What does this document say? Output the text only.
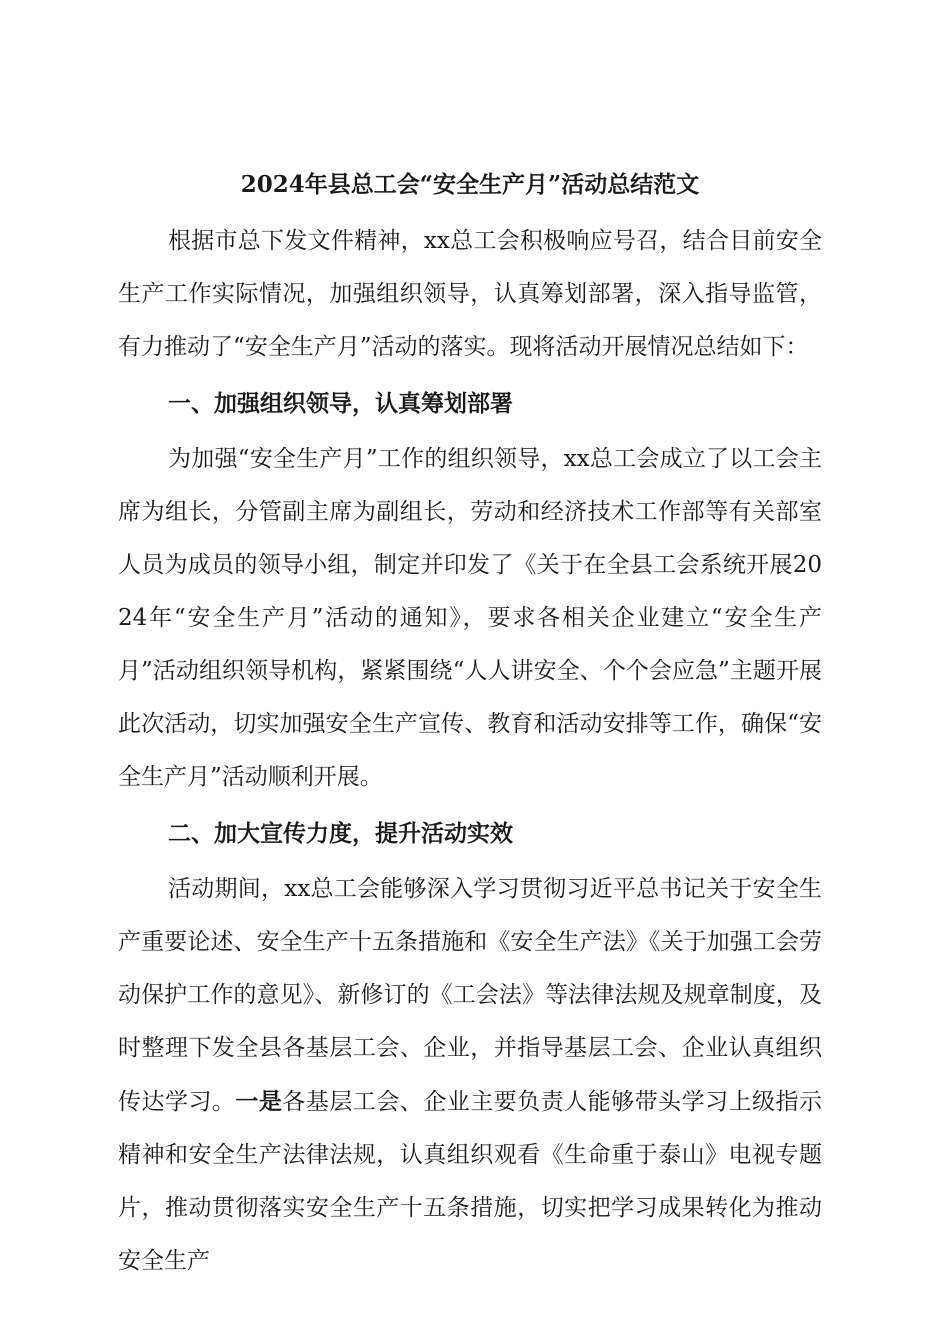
2024年县总工会“安全生产月”活动总结范文

根据市总下发文件精神，xx总工会积极响应号召，结合目前安全生产工作实际情况，加强组织领导，认真筹划部署，深入指导监管，有力推动了“安全生产月”活动的落实。现将活动开展情况总结如下：

一、加强组织领导，认真筹划部署

为加强“安全生产月”工作的组织领导，xx总工会成立了以工会主席为组长，分管副主席为副组长，劳动和经济技术工作部等有关部室人员为成员的领导小组，制定并印发了《关于在全县工会系统开展2024年“安全生产月”活动的通知》，要求各相关企业建立“安全生产月”活动组织领导机构，紧紧围绕“人人讲安全、个个会应急”主题开展此次活动，切实加强安全生产宣传、教育和活动安排等工作，确保“安全生产月”活动顺利开展。

二、加大宣传力度，提升活动实效

活动期间，xx总工会能够深入学习贯彻习近平总书记关于安全生产重要论述、安全生产十五条措施和《安全生产法》《关于加强工会劳动保护工作的意见》、新修订的《工会法》等法律法规及规章制度，及时整理下发全县各基层工会、企业，并指导基层工会、企业认真组织传达学习。一是各基层工会、企业主要负责人能够带头学习上级指示精神和安全生产法律法规，认真组织观看《生命重于泰山》电视专题片，推动贯彻落实安全生产十五条措施，切实把学习成果转化为推动安全生产
